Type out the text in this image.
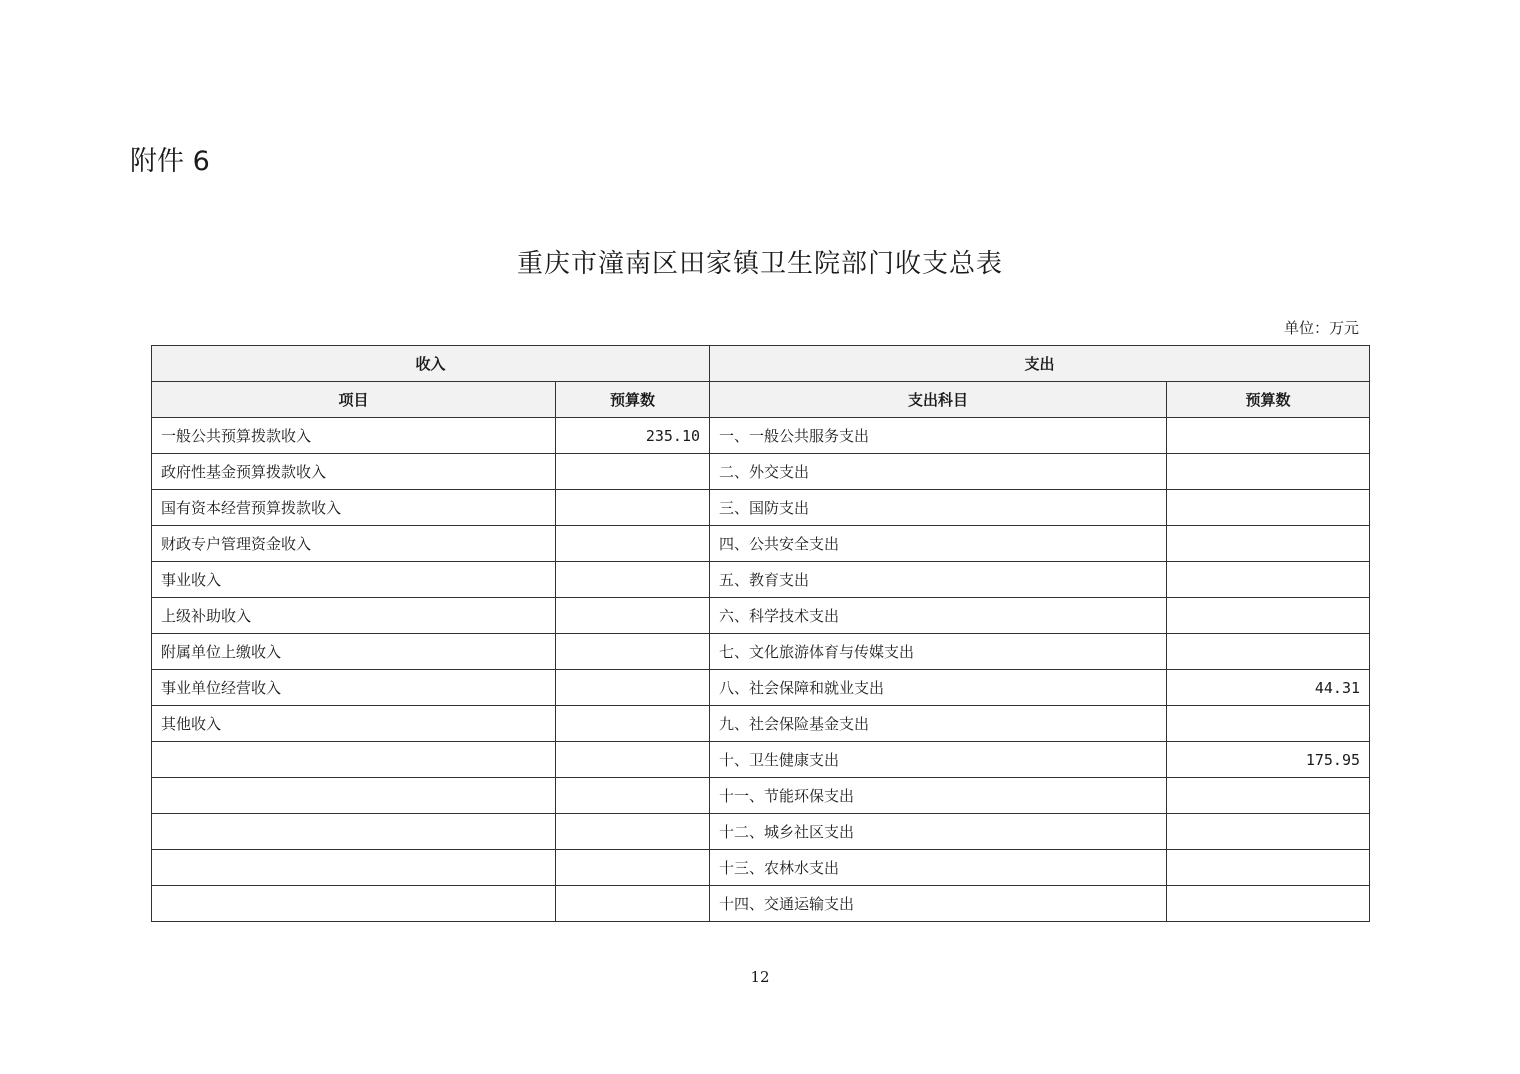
附件 6
重庆市潼南区田家镇卫生院部门收支总表
单位：万元
收入		支出	
项目	预算数	支出科目	预算数
一般公共预算拨款收入	235.10	一、一般公共服务支出	
政府性基金预算拨款收入		二、外交支出	
国有资本经营预算拨款收入		三、国防支出	
财政专户管理资金收入		四、公共安全支出	
事业收入		五、教育支出	
上级补助收入		六、科学技术支出	
附属单位上缴收入		七、文化旅游体育与传媒支出	
事业单位经营收入		八、社会保障和就业支出	44.31
其他收入		九、社会保险基金支出	
		十、卫生健康支出	175.95
		十一、节能环保支出	
		十二、城乡社区支出	
		十三、农林水支出	
		十四、交通运输支出	
12
